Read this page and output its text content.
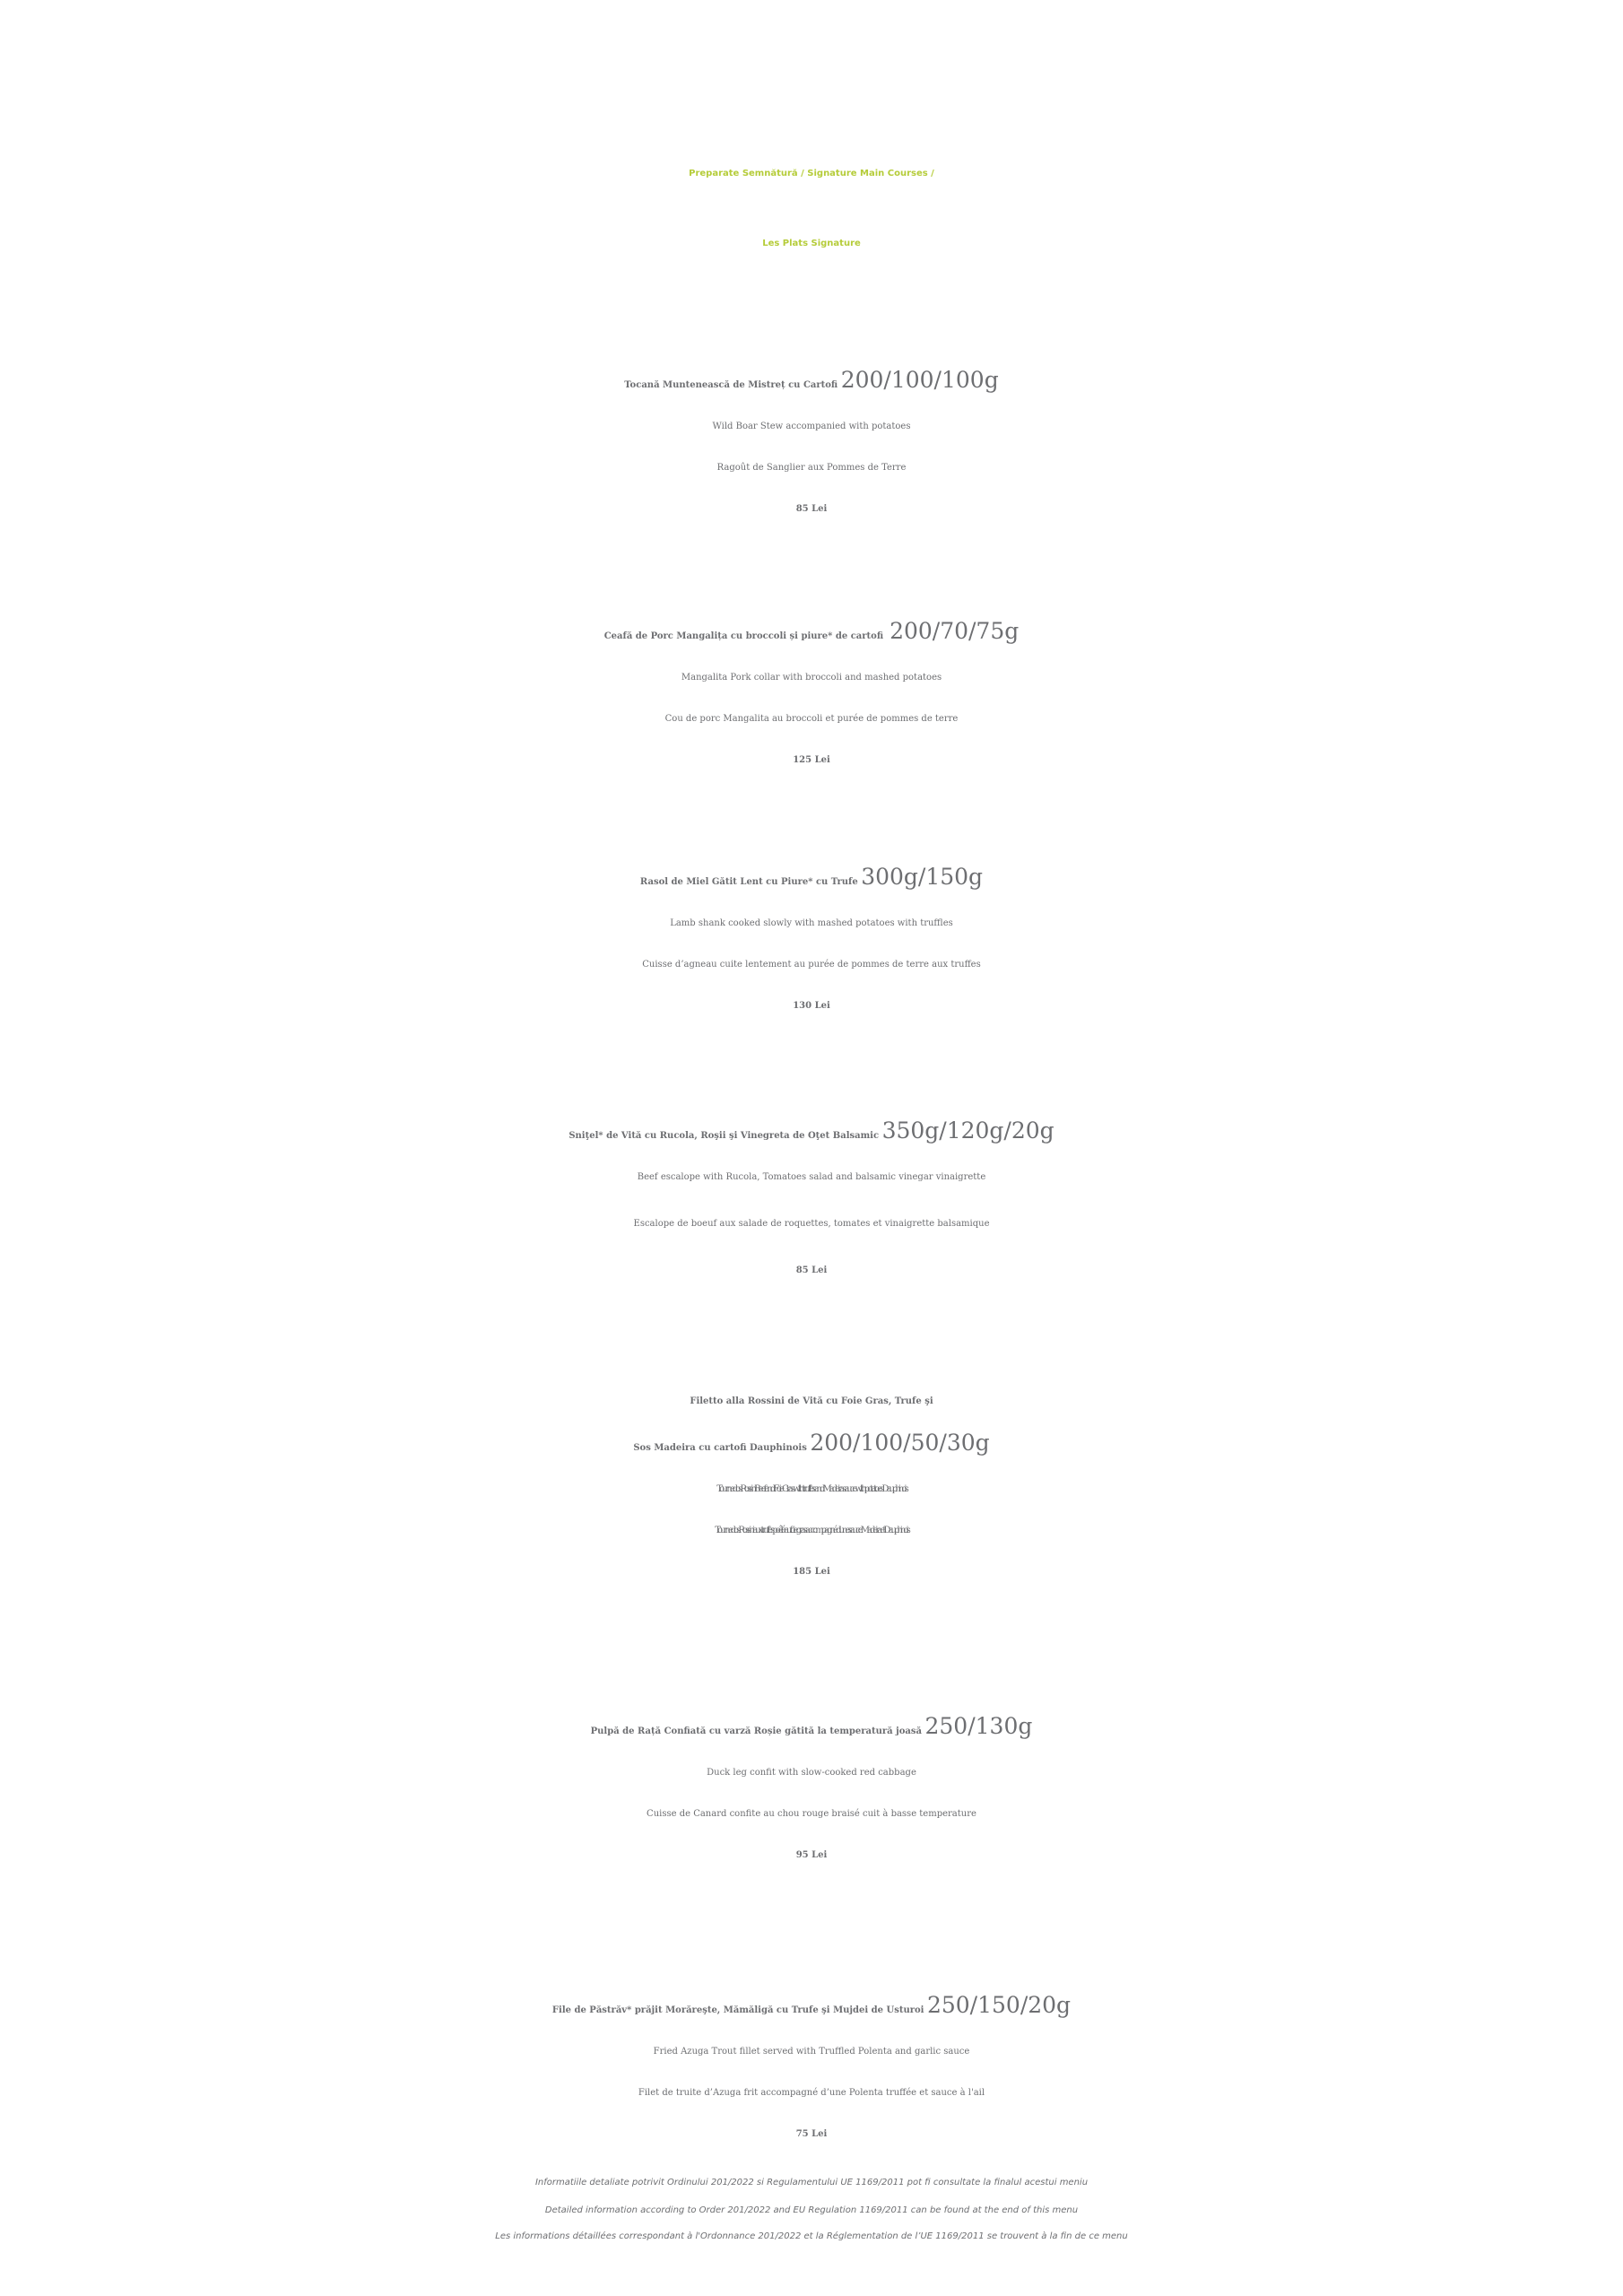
Preparate Semnătură / Signature Main Courses /
Les Plats Signature
Tocană Muntenească de Mistreț cu Cartofi 200/100/100g
Wild Boar Stew accompanied with potatoes
Ragoût de Sanglier aux Pommes de Terre
85 Lei
Ceafă de Porc Mangalița cu broccoli și piure* de cartofi 200/70/75g
Mangalita Pork collar with broccoli and mashed potatoes
Cou de porc Mangalita au broccoli et purée de pommes de terre
125 Lei
Rasol de Miel Gătit Lent cu Piure* cu Trufe 300g/150g
Lamb shank cooked slowly with mashed potatoes with truffles
Cuisse d’agneau cuite lentement au purée de pommes de terre aux truffes
130 Lei
Sniţel* de Vită cu Rucola, Roşii şi Vinegreta de Oţet Balsamic 350g/120g/20g
Beef escalope with Rucola, Tomatoes salad and balsamic vinegar vinaigrette
Escalope de boeuf aux salade de roquettes, tomates et vinaigrette balsamique
85 Lei
Filetto alla Rossini de Vită cu Foie Gras, Trufe şi
Sos Madeira cu cartofi Dauphinois 200/100/50/30g
Tournedos Rossini Beef and Foie Gras with truffles and Madeira sauce with potatoes Dauphinois
Tournedos Rossini aux truffes poêlé au foie gras accompagné d’une sauce Madeira et Dauphinois
185 Lei
Pulpă de Rață Confiată cu varză Roșie gătită la temperatură joasă 250/130g
Duck leg confit with slow-cooked red cabbage
Cuisse de Canard confite au chou rouge braisé cuit à basse temperature
95 Lei
File de Păstrăv* prăjit Morăreşte, Mămăligă cu Trufe şi Mujdei de Usturoi 250/150/20g
Fried Azuga Trout fillet served with Truffled Polenta and garlic sauce
Filet de truite d’Azuga frit accompagné d’une Polenta truffée et sauce à l'ail
75 Lei
Informatiile detaliate potrivit Ordinului 201/2022 si Regulamentului UE 1169/2011 pot fi consultate la finalul acestui meniu
Detailed information according to Order 201/2022 and EU Regulation 1169/2011 can be found at the end of this menu
Les informations détaillées correspondant à l'Ordonnance 201/2022 et la Réglementation de l’UE 1169/2011 se trouvent à la fin de ce menu
